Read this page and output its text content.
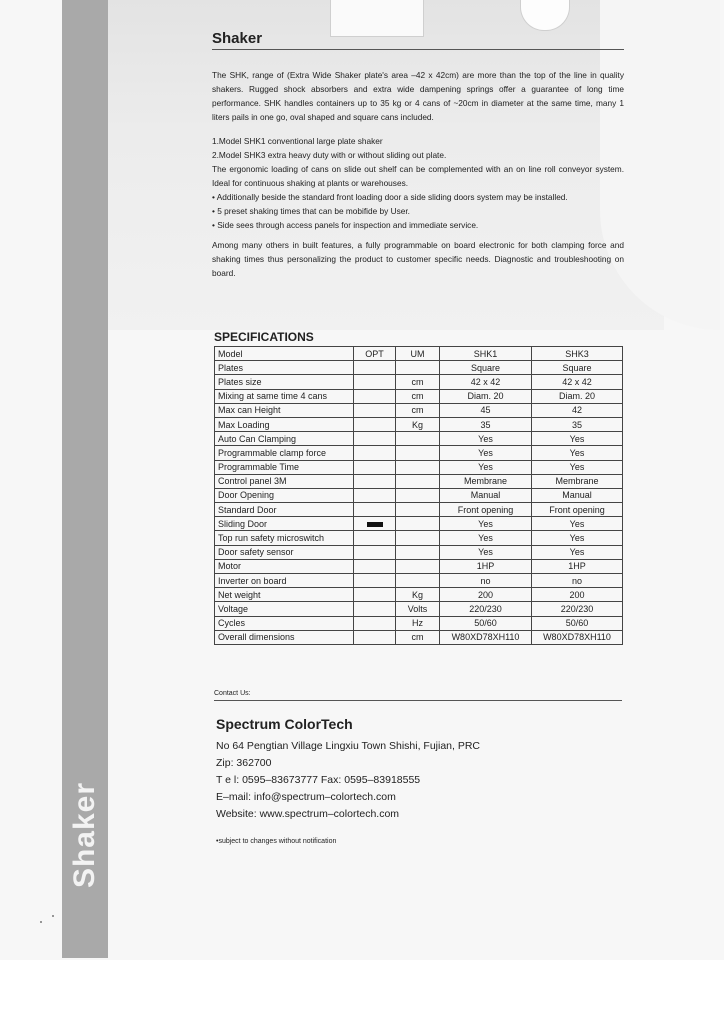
Shaker
Shaker

The SHK, range of (Extra Wide Shaker plate's area –42 x 42cm) are more than the top of the line in quality shakers. Rugged shock absorbers and extra wide dampening springs offer a guarantee of long time performance. SHK handles containers up to 35 kg or 4 cans of ~20cm in diameter at the same time, many 1 liters pails in one go, oval shaped and square cans included.

1.Model SHK1 conventional large plate shaker
2.Model SHK3 extra heavy duty with or without sliding out plate.
The ergonomic loading of cans on slide out shelf can be complemented with an on line roll conveyor system. Ideal for continuous shaking at plants or warehouses.
• Additionally beside the standard front loading door a side sliding doors system may be installed.
• 5 preset shaking times that can be mobifide by User.
• Side sees through access panels for inspection and immediate service.

Among many others in built features, a fully programmable on board electronic for both clamping force and shaking times thus personalizing the product to customer specific needs. Diagnostic and troubleshooting on board.

SPECIFICATIONS
Model	OPT	UM	SHK1	SHK3
Plates			Square	Square
Plates size		cm	42 x 42	42 x 42
Mixing at same time 4 cans		cm	Diam. 20	Diam. 20
Max can Height		cm	45	42
Max Loading		Kg	35	35
Auto Can Clamping			Yes	Yes
Programmable clamp force			Yes	Yes
Programmable Time			Yes	Yes
Control panel 3M			Membrane	Membrane
Door Opening			Manual	Manual
Standard Door			Front opening	Front opening
Sliding Door			Yes	Yes
Top run safety microswitch			Yes	Yes
Door safety sensor			Yes	Yes
Motor			1HP	1HP
Inverter on board			no	no
Net weight		Kg	200	200
Voltage		Volts	220/230	220/230
Cycles		Hz	50/60	50/60
Overall dimensions		cm	W80XD78XH110	W80XD78XH110
Contact Us:
Spectrum ColorTech
No 64 Pengtian Village Lingxiu Town Shishi, Fujian, PRC
Zip: 362700
T e l: 0595–83673777 Fax: 0595–83918555
E–mail: info@spectrum–colortech.com
Website: www.spectrum–colortech.com
•subject to changes without notification
